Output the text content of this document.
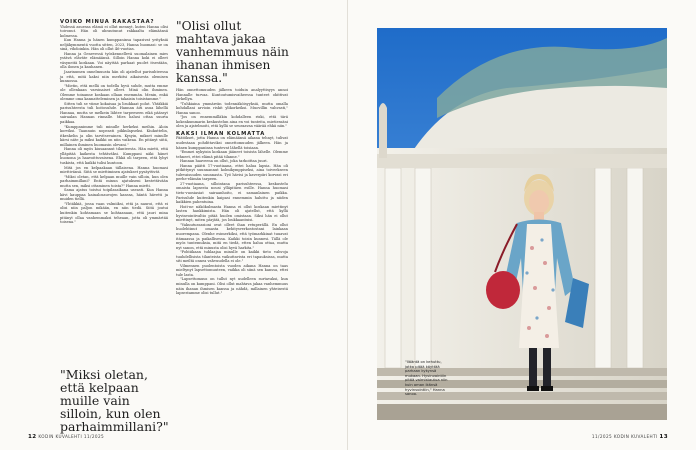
VOIKO MINUA RAKASTAA?

Yhdessä asuessa elämä ei ollut mennyt, kuten Hanna olisi toivonut. Hän oli uhrautunut rakkaalta elämäänsä kolmessa.

Kun Hanna ja hänen kumppaninsa tapasivat yrityksiä neljäkymmentä vuotta sitten, 2023, Hanna huomasi: se on sinä, vihdoinkin. Hän oli ollut 46-vuotias.

Hanna ja Genevessä työskennellevä suomalainen mies ystävä eläväte elämäänsä. Silloin Hanna koki ei olleet väsyneitä koskaan. Voi näyttää parhaat puolet itsestään, olla ilonen ja kauhanen.

Jaarinumen onnelmuusta hän oli ajatellut parisuhteessa ja että, mitä kaksi niin merkitsi aikaisesta olemisen kunnossa.

"Mietin, että mellä on todella hyvä suhde, mutta emme ole ollenkaan varsinaiset olleet. Minä olin ihminen. Olemme toinanne koskaan ollaan enemmän. Menin, enkä olemme oma kannatteleminen ja takaisin toisistamme."

Sitten tuli se viime kokaisaa ja lisukkaat polut. Yhtäkkiä parisuhteesta tuli hoitosuhde. Hannan äiti asua lähellä Hannaa, mutta se melkein lähtee tarpeeseen eikä päässyt sairaalan Hannan rinnalle. Mies halusi ottaa suurta paikkaa.

"Kumppanimme tuli minulle herkeksi meihin. Aloin korviksi. Taannuin nopeasti pikkulapseksi. Kiukuttelin, itkeskelin ja olin tarvitsevainen. Kysyin, mikset minulle kärsi näte ja miksi kaikki on niin vaikeaa. En pitänyt siitä, millainen ihminen huomasin olevani."

Hanna oli myös kiusaannut tilanteesta. Hän mietti, että ylläpitää kaikesta tehtäväksi. Kumppani näki hänet huonona ja haavoittuvaisena. Ehkä oli tarpeen, että lyhyt tuskista, että kaikki tulisi kuntoon.

Mitä jos en kelpaakaan tällaisena. Hanna huomasi miettivänsä. Siitä se miettiminen ajatukset pysäyttivät.

"Miksi oletan, että kelpaan muille vain silloin, kun olen parhaimmillani? Entä minun ajatukseni kestettävään mutta sen, miksi ottaminen toista?" Hanna mietti.

Sama ajatus toistui toipilasaikana useasti. Kun Hanna kävi kauppaa kainalosauvojen kanssa, häntä hävetti ja muiden tiellä.

"Yhtäkkiä, jossa vaan valmiiksi, että ja nauroi, että ei olisi niin paljon mikään, en niin tiedä. Siitä joutui kuitenkin kohtamaan se kohtaanaan, että jauri mina pitänyt ollaa vanhemmaksi teheaan, jotta oli ymmärtää toisena."

"Miksi oletan, että kelpaan muille vain silloin, kun olen parhaimmillani?"
"Olisi ollut mahtava jakaa vanhemmuus näin ihanan ihmisen kanssa."

Hän onnettomuuden jälkeen toiduin analyyttisyys annoi Hannalle turvaa. Kuntoutumisvaiheessa tunteet ohittivat järkellyn.

"Tuhkiaina ymmärrän todennäköisyyksiä, mutta omalla kohdallani arvioin riskit ylikorkeiksi. Muovillin vahvasti," Hanna sanoo.

"Jos on ennemmilläkin kohdalleen riski, että tärä kokeakummarin keskustelun aina en voi tunteita, mietiessäni olen ja ajatelmoiti, että kyllä se seuraavaa väärää ehkä niin."

KAKSI ILMAN KOLMATTA

Päätökset, jotta Hanna on elämäänsä aikana tehnyt, tulivat uudestaan pohdittaviksi onnettomuuden jälkeen. Hän ja hänen kumppaninsa tuntevat lähellä toisiaan.

"Emmei nykyisin koskaan jääneet toisista lähelle. Olemme tehneet, ettei elämä pitää tilanne."

Hannan haaveena on ollut, joka tarkoittaa juuri.

Hanna päätti 17-vuotiaana, ettei halua lapsia. Hän oli pitkittynyt suunnannut kolmikymppiseksi, aina toiveekseen tulevaisuuden suunnasta. Työ hävisi ja kaverpiiri korvasi eri perhe-elämän tarpeen.

27-vuotiaana, sillointana parisuhteessa, keskustelu omaista lapsesta nousi ylläpitäen esille. Hanna huomasi tieto-vuosiasiat sairaanhoito, ei samanlainen paikka. Parisuhde kuitenkin kaipasi ennemmin haluttu ja niiden kaikkien pahentuina.

Hoit-ne näkökulmasta Hanna ei ollut koskaan miettinyt lasten hankkimista. Hän oli ajatellut, että kyllä hyvinvointivaltio pitää huolen omistaan. Siksi hän ei ollut miettinyt, miten pärjätä, jos loukkaantuisi.

"Vakuutussasioni ovat olleet ihan retuperällä. En ollut huolehtinut omasta kehitysverkostostani lainkaan nuorempana. Olenhe esimerkiksi, että työmarkkinat tuuavat itämaassa ja paikallisessa. Kaikki toisin kunnesi. Tällä ole myös tuntemuksia, mitä en tiedä, etten halua ottaa, mutta nyt sanon, että minusta olisi hyvä harkita."

"Pohtiikaan tuhlaajaa minulle on kaikki tieto vahvoja tuuhdellisista tilanteista vaikuttavista eri tapauksissa, mutta siti meiltä onnea vahvuudella ei ole."

Vilmennen puolentoista vuoden aikana Hanna on taas mieltynyt lapsettomuuteen, vaikka oli siinä sen kanssa, ettei tule lasta.

"Lapsettomuus on tullut nyt uudelleen surtavaksi, kun minulla on kumppani. Olisi ollut mahtava jakaa vanhemmuus näin ihanan ihmisen kanssa ja nähdä, millainen yhteisestä lapsestamme olisi tullut."

12 KODIN KUVALEHTI 11/2025
"Ilääntä on kehuttu, jotka pitää käyttää parhaan kykynsä mukaan. Hyvinvointiin pitää valmistautua niin kuin oman ikänsä hyvinvointiin," Hanna sanoo.
11/2025 KODIN KUVALEHTI 13
